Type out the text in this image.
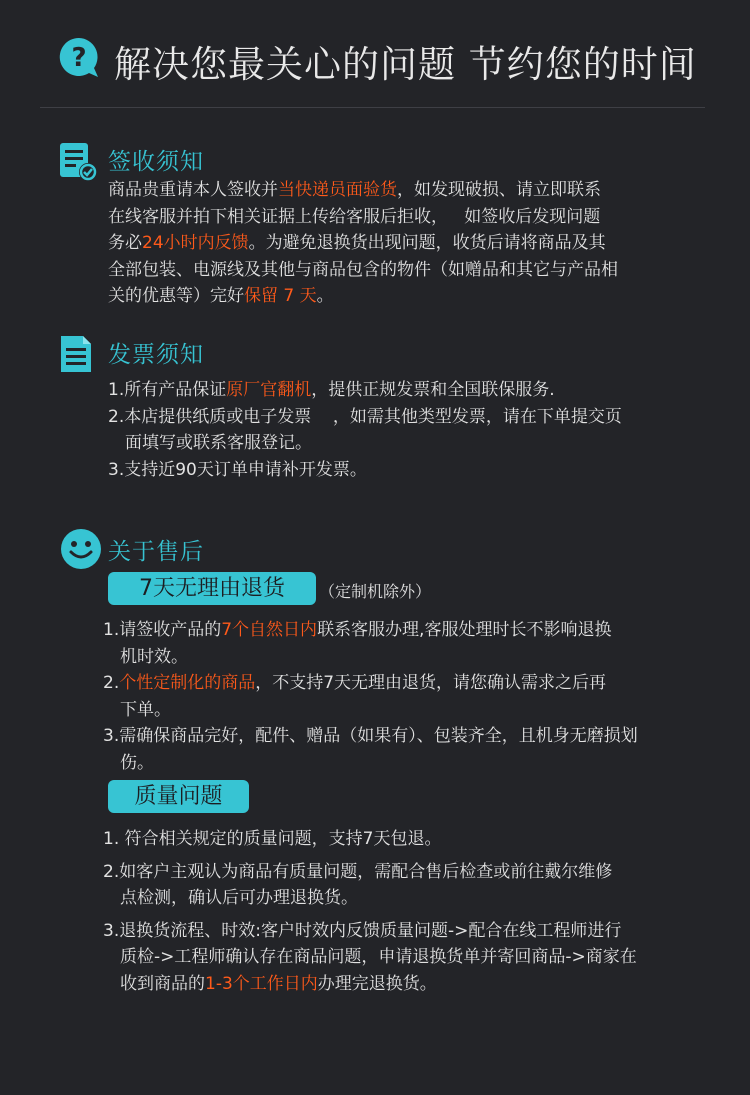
? 解决您最关心的问题 节约您的时间
签收须知
商品贵重请本人签收并当快递员面验货，如发现破损、请立即联系
在线客服并拍下相关证据上传给客服后拒收，   如签收后发现问题
务必24小时内反馈。为避免退换货出现问题，收货后请将商品及其
全部包装、电源线及其他与商品包含的物件（如赠品和其它与产品相
关的优惠等）完好保留 7 天。
发票须知
1.所有产品保证原厂官翻机，提供正规发票和全国联保服务.
2.本店提供纸质或电子发票    ，如需其他类型发票，请在下单提交页
面填写或联系客服登记。
3.支持近90天订单申请补开发票。
关于售后
7天无理由退货	（定制机除外）
1.请签收产品的7个自然日内联系客服办理,客服处理时长不影响退换
机时效。
2.个性定制化的商品，不支持7天无理由退货，请您确认需求之后再
下单。
3.需确保商品完好，配件、赠品（如果有）、包装齐全，且机身无磨损划
伤。
质量问题
1. 符合相关规定的质量问题，支持7天包退。
2.如客户主观认为商品有质量问题，需配合售后检查或前往戴尔维修
点检测，确认后可办理退换货。
3.退换货流程、时效:客户时效内反馈质量问题->配合在线工程师进行
质检->工程师确认存在商品问题，申请退换货单并寄回商品->商家在
收到商品的1-3个工作日内办理完退换货。
